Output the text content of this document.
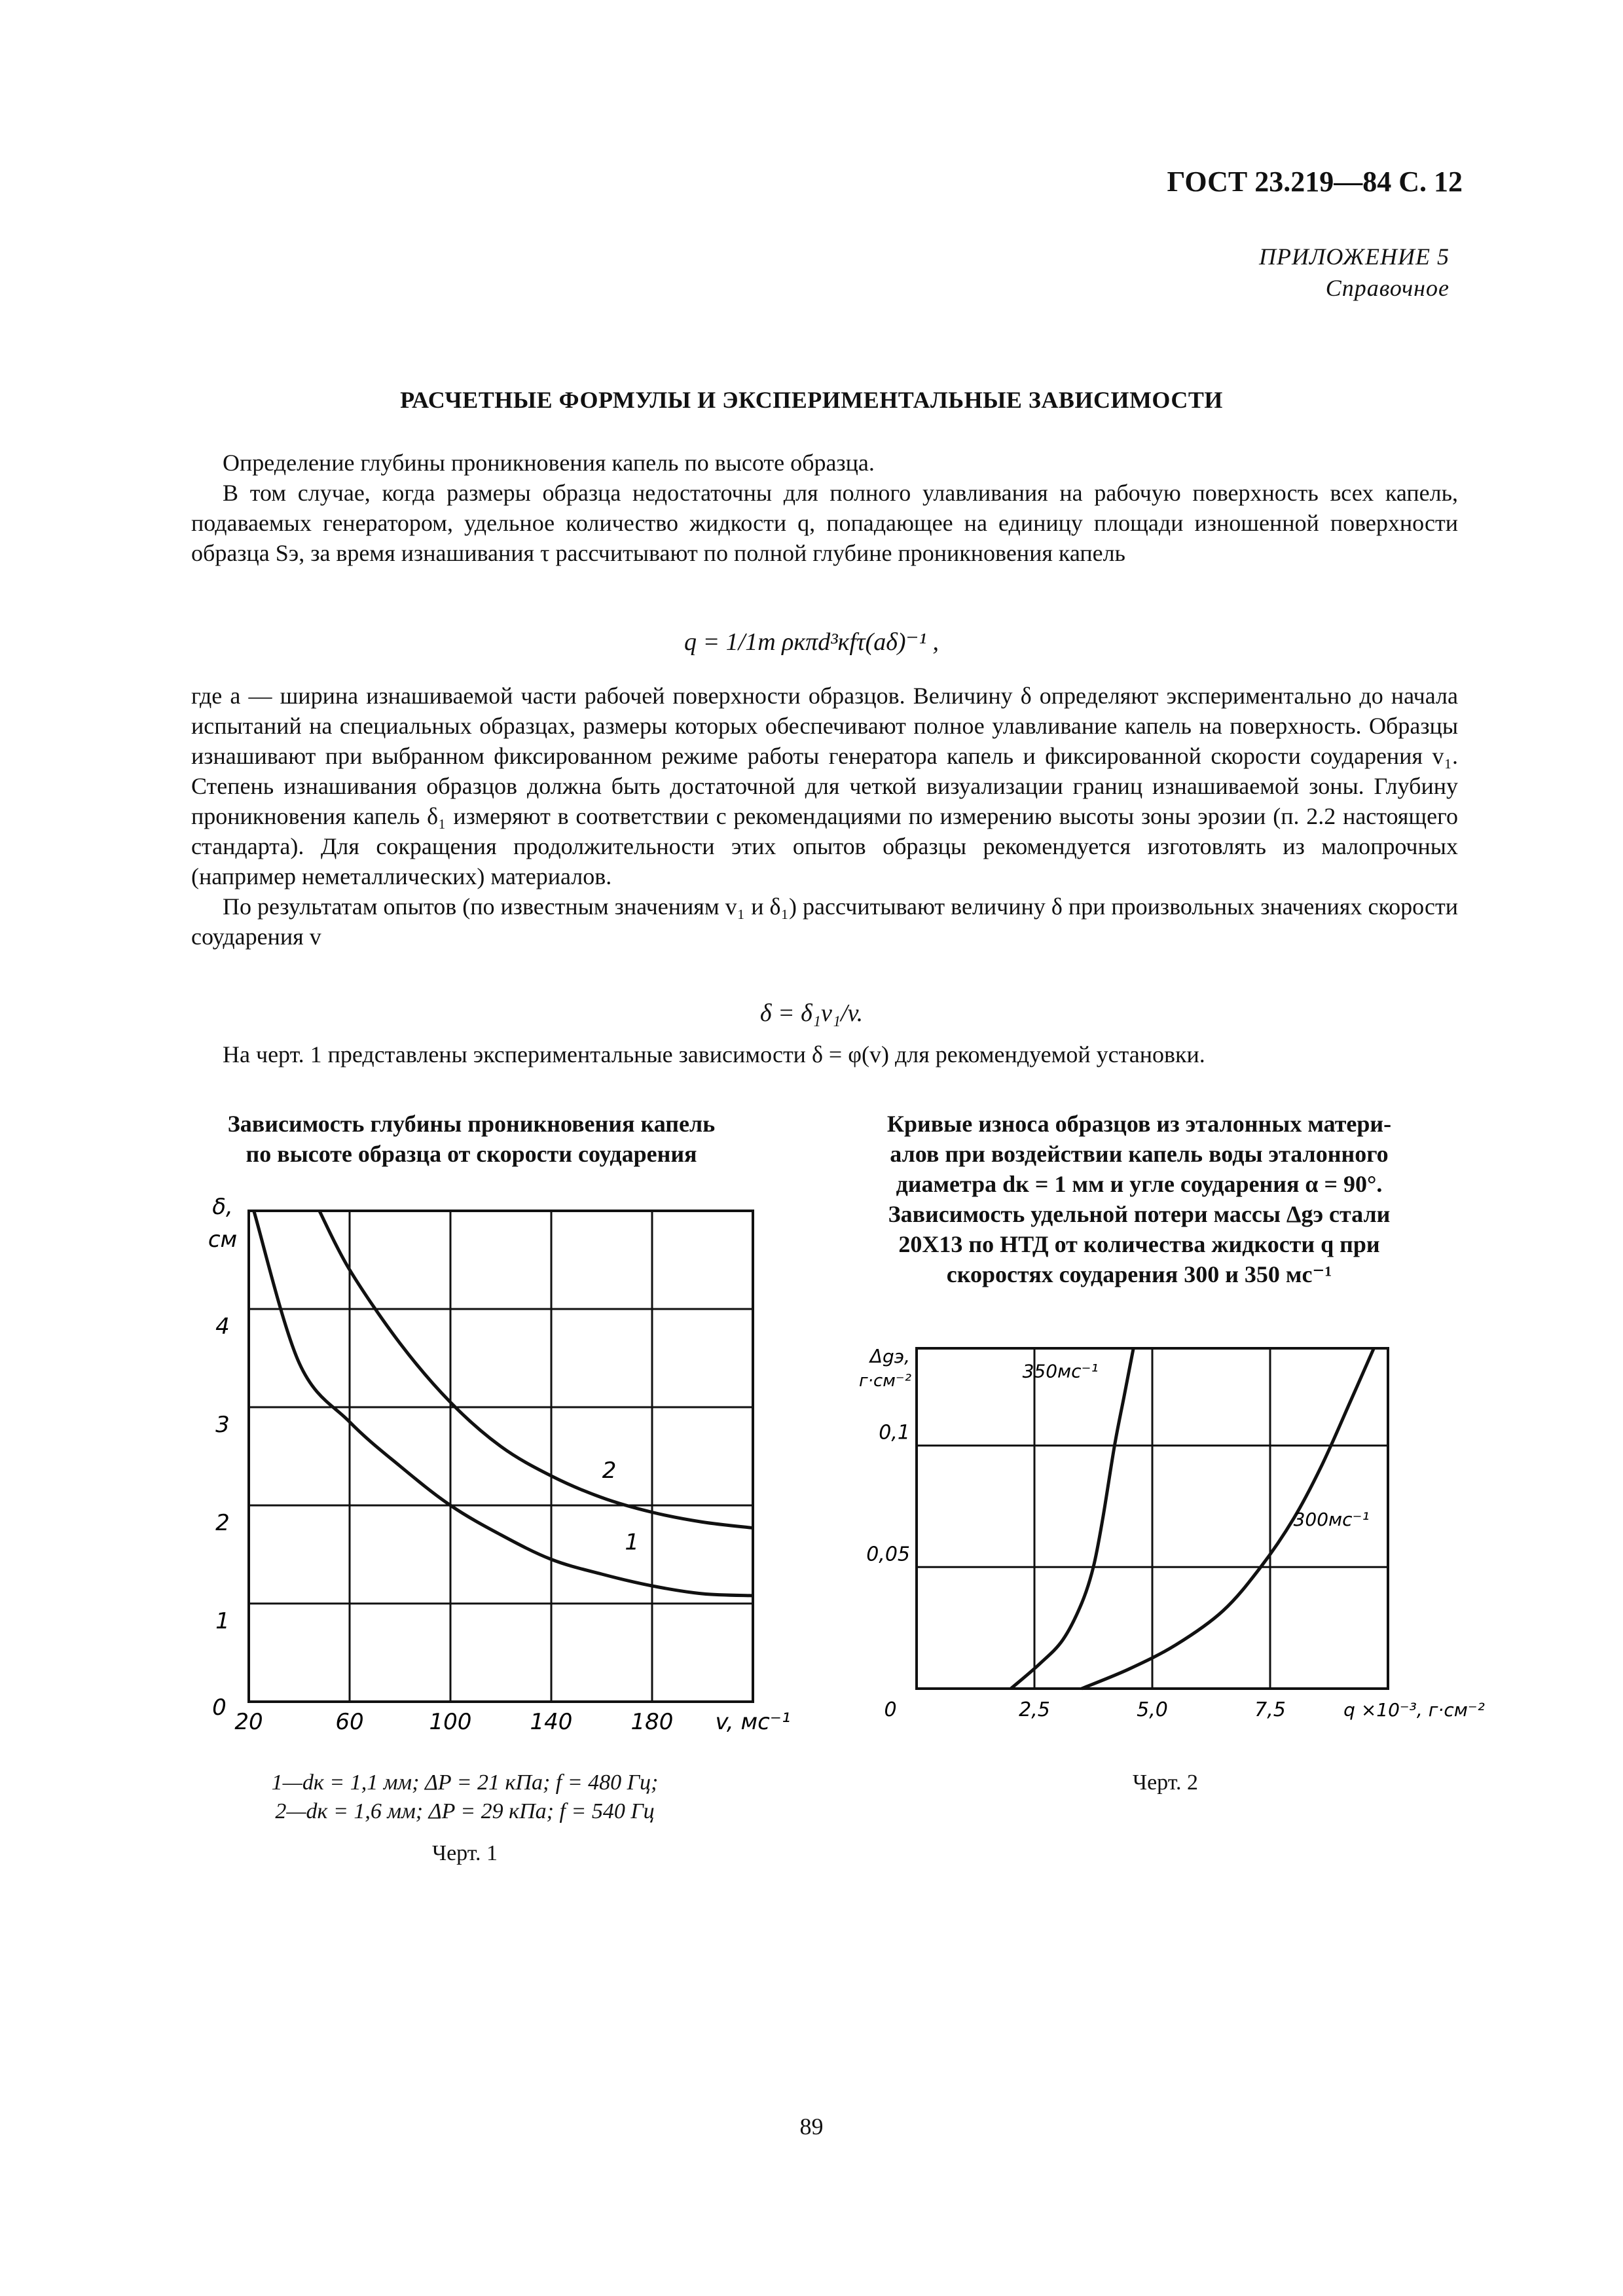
ГОСТ 23.219—84 С. 12
ПРИЛОЖЕНИЕ 5
Справочное
РАСЧЕТНЫЕ ФОРМУЛЫ И ЭКСПЕРИМЕНТАЛЬНЫЕ ЗАВИСИМОСТИ

Определение глубины проникновения капель по высоте образца.

В том случае, когда размеры образца недостаточны для полного улавливания на рабочую поверхность всех капель, подаваемых генератором, удельное количество жидкости q, попадающее на единицу площади изношенной поверхности образца Sэ, за время изнашивания τ рассчитывают по полной глубине проникновения капель

q = 1/1т ρкπd³кfτ(aδ)⁻¹ ,

где a — ширина изнашиваемой части рабочей поверхности образцов. Величину δ определяют экспериментально до начала испытаний на специальных образцах, размеры которых обеспечивают полное улавливание капель на поверхность. Образцы изнашивают при выбранном фиксированном режиме работы генератора капель и фиксированной скорости соударения v₁. Степень изнашивания образцов должна быть достаточной для четкой визуализации границ изнашиваемой зоны. Глубину проникновения капель δ₁ измеряют в соответствии с рекомендациями по измерению высоты зоны эрозии (п. 2.2 настоящего стандарта). Для сокращения продолжительности этих опытов образцы рекомендуется изготовлять из малопрочных (например неметаллических) материалов.

По результатам опытов (по известным значениям v₁ и δ₁) рассчитывают величину δ при произвольных значениях скорости соударения v

δ = δ₁v₁/v.

На черт. 1 представлены экспериментальные зависимости δ = φ(v) для рекомендуемой установки.

Зависимость глубины проникновения капель
по высоте образца от скорости соударения
Кривые износа образцов из эталонных матери-
алов при воздействии капель воды эталонного
диаметра dк = 1 мм и угле соударения α = 90°.
Зависимость удельной потери массы Δgэ стали
20Х13 по НТД от количества жидкости q при
скоростях соударения 300 и 350 мс⁻¹
20	60	100	140	180
1
2
3
4
0
δ,
см
v, мс⁻¹
1
2
0	2,5	5,0	7,5
0,05
0,1
Δgэ,
г·см⁻²
q ×10⁻³, г·см⁻²
350мс⁻¹
300мс⁻¹
1—dк = 1,1 мм; ΔP = 21 кПа; f = 480 Гц;
2—dк = 1,6 мм; ΔP = 29 кПа; f = 540 Гц
Черт. 1
Черт. 2
89
